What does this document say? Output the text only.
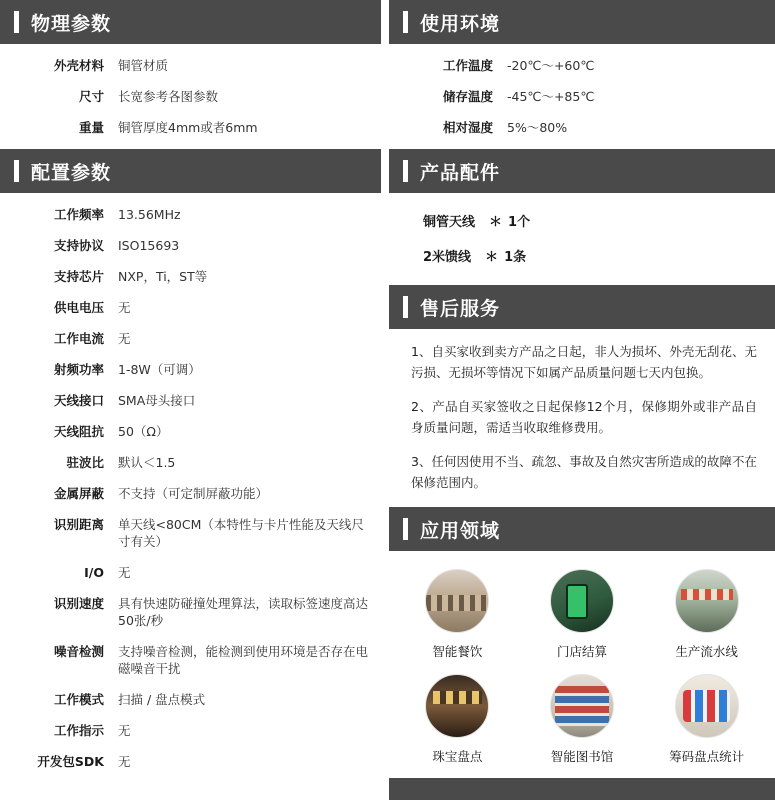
物理参数
外壳材料	铜管材质
尺寸	长宽参考各图参数
重量	铜管厚度4mm或者6mm
配置参数
工作频率	13.56MHz
支持协议	ISO15693
支持芯片	NXP，Ti，ST等
供电电压	无
工作电流	无
射频功率	1-8W（可调）
天线接口	SMA母头接口
天线阻抗	50（Ω）
驻波比	默认＜1.5
金属屏蔽	不支持（可定制屏蔽功能）
识别距离	单天线<80CM（本特性与卡片性能及天线尺寸有关）
I/O	无
识别速度	具有快速防碰撞处理算法，读取标签速度高达50张/秒
噪音检测	支持噪音检测，能检测到使用环境是否存在电磁噪音干扰
工作模式	扫描 / 盘点模式
工作指示	无
开发包SDK	无
使用环境
工作温度	-20℃～+60℃
储存温度	-45℃～+85℃
相对湿度	5%～80%
产品配件
铜管天线 ＊ 1个
2米馈线 ＊ 1条
售后服务

1、自买家收到卖方产品之日起，非人为损坏、外壳无刮花、无污损、无损坏等情况下如属产品质量问题七天内包换。

2、产品自买家签收之日起保修12个月，保修期外或非产品自身质量问题，需适当收取维修费用。

3、任何因使用不当、疏忽、事故及自然灾害所造成的故障不在保修范围内。

应用领域
智能餐饮	门店结算	生产流水线
珠宝盘点	智能图书馆	筹码盘点统计
